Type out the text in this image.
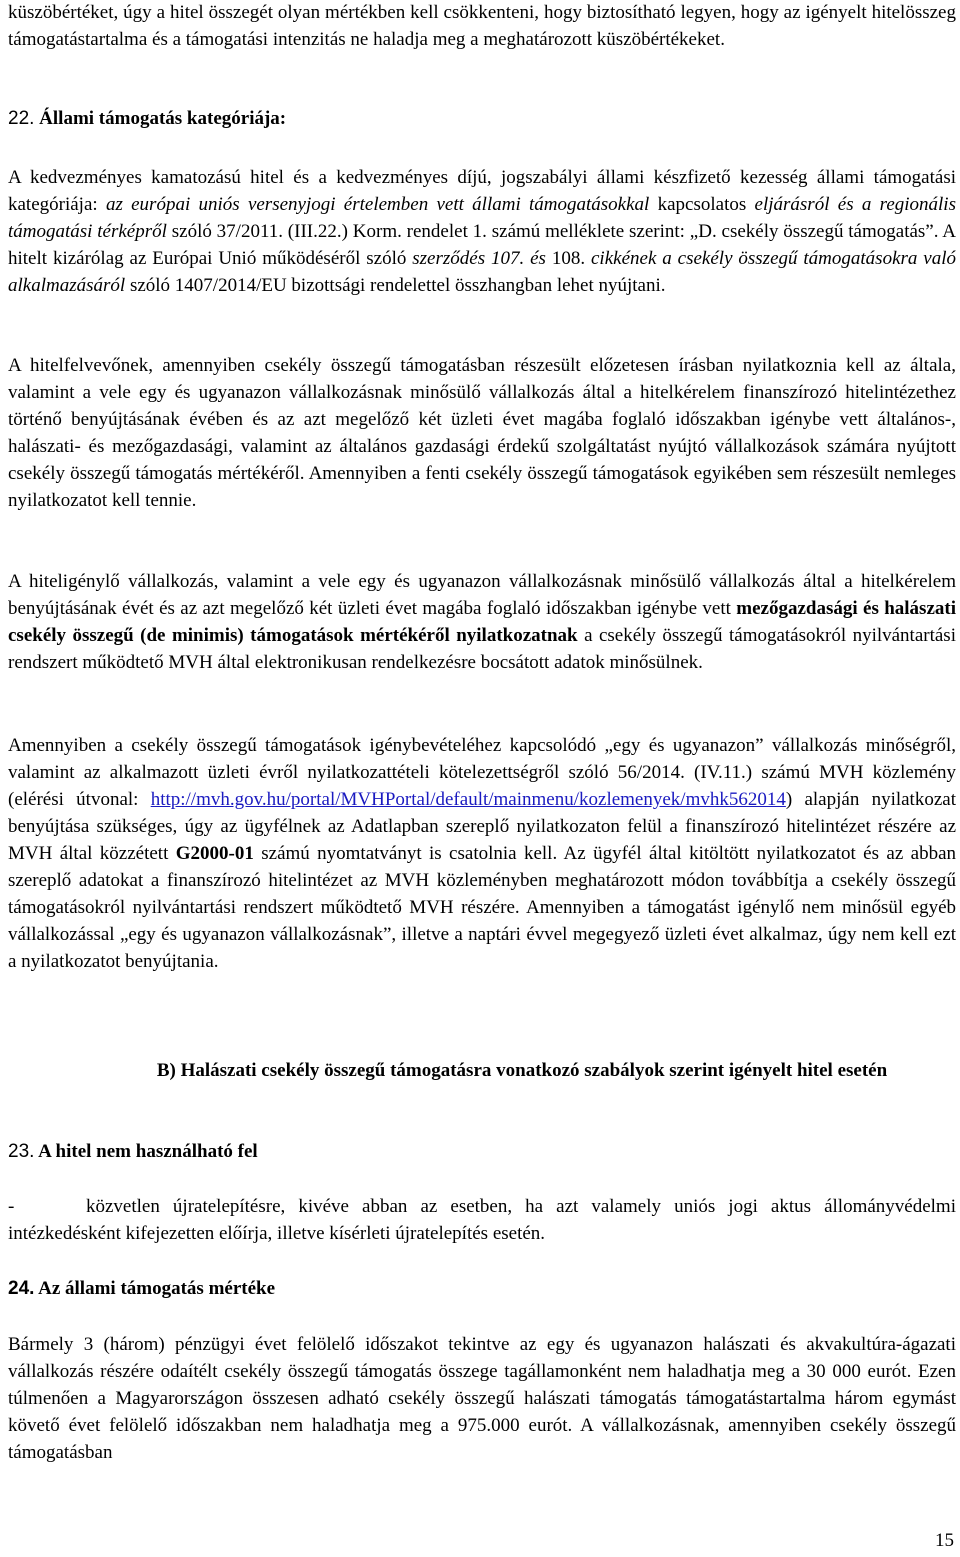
küszöbértéket, úgy a hitel összegét olyan mértékben kell csökkenteni, hogy biztosítható legyen, hogy az igényelt hitelösszeg támogatástartalma és a támogatási intenzitás ne haladja meg a meghatározott küszöbértékeket.

22. Állami támogatás kategóriája:

A kedvezményes kamatozású hitel és a kedvezményes díjú, jogszabályi állami készfizető kezesség állami támogatási kategóriája: az európai uniós versenyjogi értelemben vett állami támogatásokkal kapcsolatos eljárásról és a regionális támogatási térképről szóló 37/2011. (III.22.) Korm. rendelet 1. számú melléklete szerint: „D. csekély összegű támogatás”. A hitelt kizárólag az Európai Unió működéséről szóló szerződés 107. és 108. cikkének a csekély összegű támogatásokra való alkalmazásáról szóló 1407/2014/EU bizottsági rendelettel összhangban lehet nyújtani.

A hitelfelvevőnek, amennyiben csekély összegű támogatásban részesült előzetesen írásban nyilatkoznia kell az általa, valamint a vele egy és ugyanazon vállalkozásnak minősülő vállalkozás által a hitelkérelem finanszírozó hitelintézethez történő benyújtásának évében és az azt megelőző két üzleti évet magába foglaló időszakban igénybe vett általános-, halászati- és mezőgazdasági, valamint az általános gazdasági érdekű szolgáltatást nyújtó vállalkozások számára nyújtott csekély összegű támogatás mértékéről. Amennyiben a fenti csekély összegű támogatások egyikében sem részesült nemleges nyilatkozatot kell tennie.

A hiteligénylő vállalkozás, valamint a vele egy és ugyanazon vállalkozásnak minősülő vállalkozás által a hitelkérelem benyújtásának évét és az azt megelőző két üzleti évet magába foglaló időszakban igénybe vett mezőgazdasági és halászati csekély összegű (de minimis) támogatások mértékéről nyilatkozatnak a csekély összegű támogatásokról nyilvántartási rendszert működtető MVH által elektronikusan rendelkezésre bocsátott adatok minősülnek.

Amennyiben a csekély összegű támogatások igénybevételéhez kapcsolódó „egy és ugyanazon” vállalkozás minőségről, valamint az alkalmazott üzleti évről nyilatkozattételi kötelezettségről szóló 56/2014. (IV.11.) számú MVH közlemény (elérési útvonal: http://mvh.gov.hu/portal/MVHPortal/default/mainmenu/kozlemenyek/mvhk562014) alapján nyilatkozat benyújtása szükséges, úgy az ügyfélnek az Adatlapban szereplő nyilatkozaton felül a finanszírozó hitelintézet részére az MVH által közzétett G2000-01 számú nyomtatványt is csatolnia kell. Az ügyfél által kitöltött nyilatkozatot és az abban szereplő adatokat a finanszírozó hitelintézet az MVH közleményben meghatározott módon továbbítja a csekély összegű támogatásokról nyilvántartási rendszert működtető MVH részére. Amennyiben a támogatást igénylő nem minősül egyéb vállalkozással „egy és ugyanazon vállalkozásnak”, illetve a naptári évvel megegyező üzleti évet alkalmaz, úgy nem kell ezt a nyilatkozatot benyújtania.

B) Halászati csekély összegű támogatásra vonatkozó szabályok szerint igényelt hitel esetén

23. A hitel nem használható fel

-	közvetlen újratelepítésre, kivéve abban az esetben, ha azt valamely uniós jogi aktus állományvédelmi intézkedésként kifejezetten előírja, illetve kísérleti újratelepítés esetén.

24. Az állami támogatás mértéke

Bármely 3 (három) pénzügyi évet felölelő időszakot tekintve az egy és ugyanazon halászati és akvakultúra-ágazati vállalkozás részére odaítélt csekély összegű támogatás összege tagállamonként nem haladhatja meg a 30 000 eurót. Ezen túlmenően a Magyarországon összesen adható csekély összegű halászati támogatás támogatástartalma három egymást követő évet felölelő időszakban nem haladhatja meg a 975.000 eurót. A vállalkozásnak, amennyiben csekély összegű támogatásban

15
